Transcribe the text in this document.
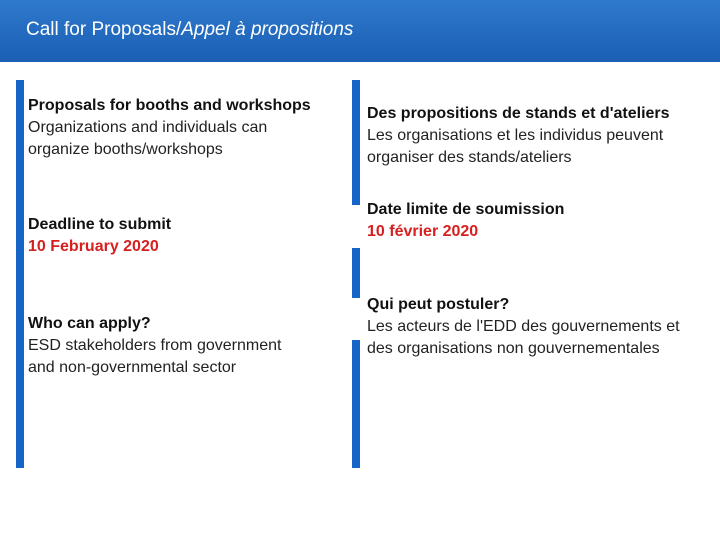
Call for Proposals/Appel à propositions
Proposals for booths and workshops
Organizations and individuals can
organize booths/workshops
Deadline to submit
10 February 2020
Who can apply?
ESD stakeholders from government
and non-governmental sector
Des propositions de stands et d'ateliers
Les organisations et les individus peuvent
organiser des stands/ateliers
Date limite de soumission
10 février 2020
Qui peut postuler?
Les acteurs de l'EDD des gouvernements et
des organisations non gouvernementales
